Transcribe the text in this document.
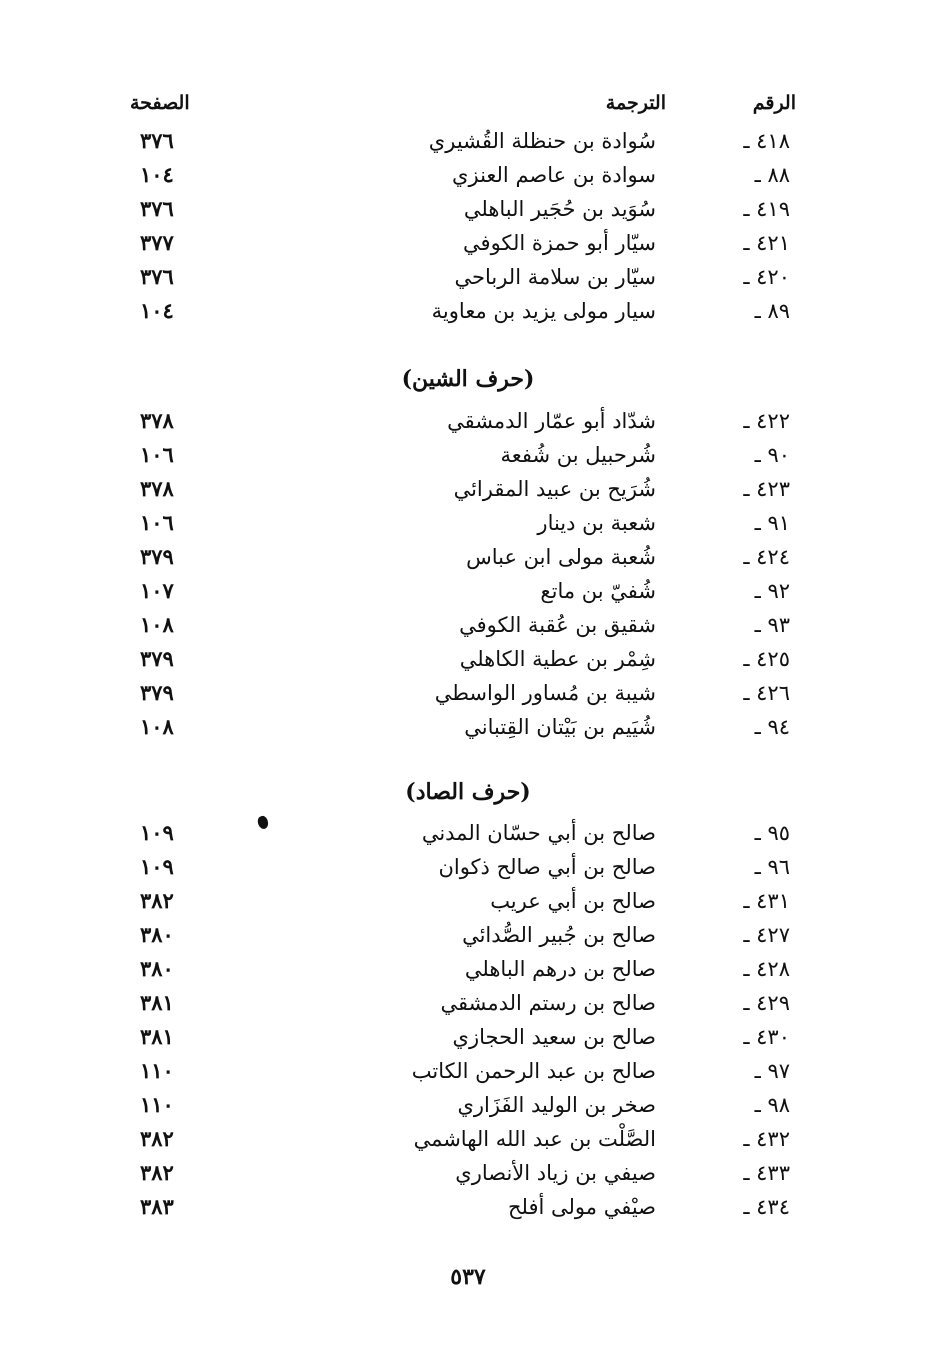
الرقم
الترجمة
الصفحة
٤١٨ ـ
سُوادة بن حنظلة القُشيري
٣٧٦
٨٨ ـ
سوادة بن عاصم العنزي
١٠٤
٤١٩ ـ
سُوَيد بن حُجَير الباهلي
٣٧٦
٤٢١ ـ
سيّار أبو حمزة الكوفي
٣٧٧
٤٢٠ ـ
سيّار بن سلامة الرباحي
٣٧٦
٨٩ ـ
سيار مولى يزيد بن معاوية
١٠٤
(حرف الشين)
٤٢٢ ـ
شدّاد أبو عمّار الدمشقي
٣٧٨
٩٠ ـ
شُرحبيل بن شُفعة
١٠٦
٤٢٣ ـ
شُرَيح بن عبيد المقرائي
٣٧٨
٩١ ـ
شعبة بن دينار
١٠٦
٤٢٤ ـ
شُعبة مولى ابن عباس
٣٧٩
٩٢ ـ
شُفيّ بن ماتع
١٠٧
٩٣ ـ
شقيق بن عُقبة الكوفي
١٠٨
٤٢٥ ـ
شِمْر بن عطية الكاهلي
٣٧٩
٤٢٦ ـ
شيبة بن مُساور الواسطي
٣٧٩
٩٤ ـ
شُيَيم بن بَيْتان القِتباني
١٠٨
(حرف الصاد)
٩٥ ـ
صالح بن أبي حسّان المدني
١٠٩
٩٦ ـ
صالح بن أبي صالح ذكوان
١٠٩
٤٣١ ـ
صالح بن أبي عريب
٣٨٢
٤٢٧ ـ
صالح بن جُبير الصُّدائي
٣٨٠
٤٢٨ ـ
صالح بن درهم الباهلي
٣٨٠
٤٢٩ ـ
صالح بن رستم الدمشقي
٣٨١
٤٣٠ ـ
صالح بن سعيد الحجازي
٣٨١
٩٧ ـ
صالح بن عبد الرحمن الكاتب
١١٠
٩٨ ـ
صخر بن الوليد الفَزَاري
١١٠
٤٣٢ ـ
الصَّلْت بن عبد الله الهاشمي
٣٨٢
٤٣٣ ـ
صيفي بن زياد الأنصاري
٣٨٢
٤٣٤ ـ
صيْفي مولى أفلح
٣٨٣
٥٣٧
